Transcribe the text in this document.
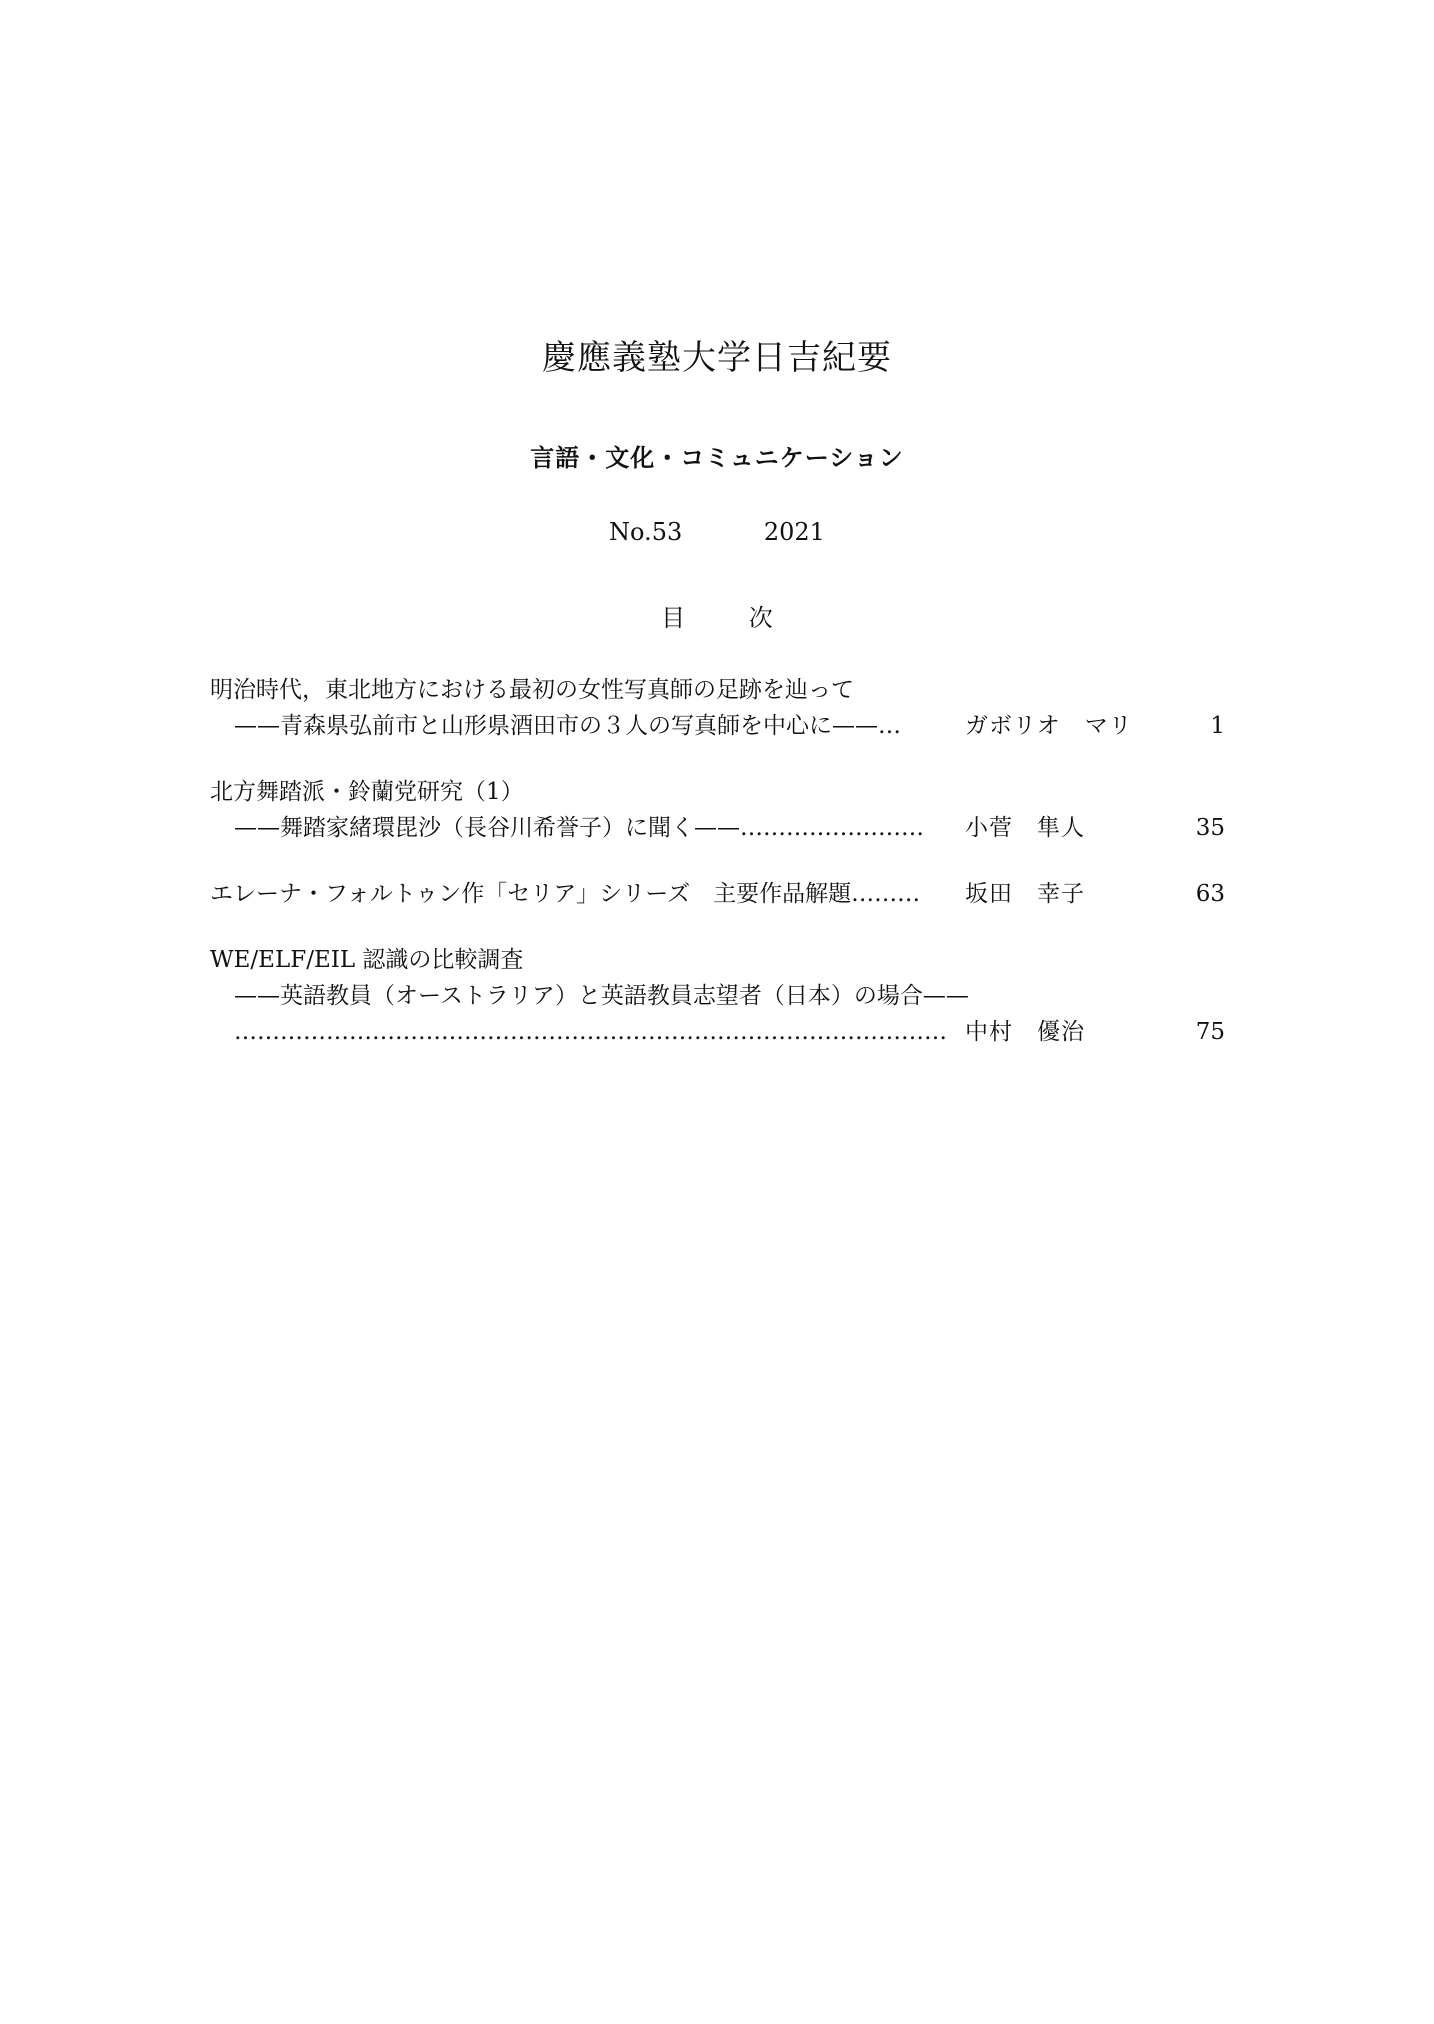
慶應義塾大学日吉紀要
言語・文化・コミュニケーション
No.53	2021
目 次
明治時代，東北地方における最初の女性写真師の足跡を辿って
——青森県弘前市と山形県酒田市の３人の写真師を中心に——…	ガボリオ　マリ	1
北方舞踏派・鈴蘭党研究（1）
——舞踏家緒環毘沙（長谷川希誉子）に聞く——…………………… 小菅　隼人	35
エレーナ・フォルトゥン作「セリア」シリーズ　主要作品解題……… 坂田　幸子	63
WE/ELF/EIL 認識の比較調査
——英語教員（オーストラリア）と英語教員志望者（日本）の場合——
………………………………………………………………………………… 中村　優治	75
